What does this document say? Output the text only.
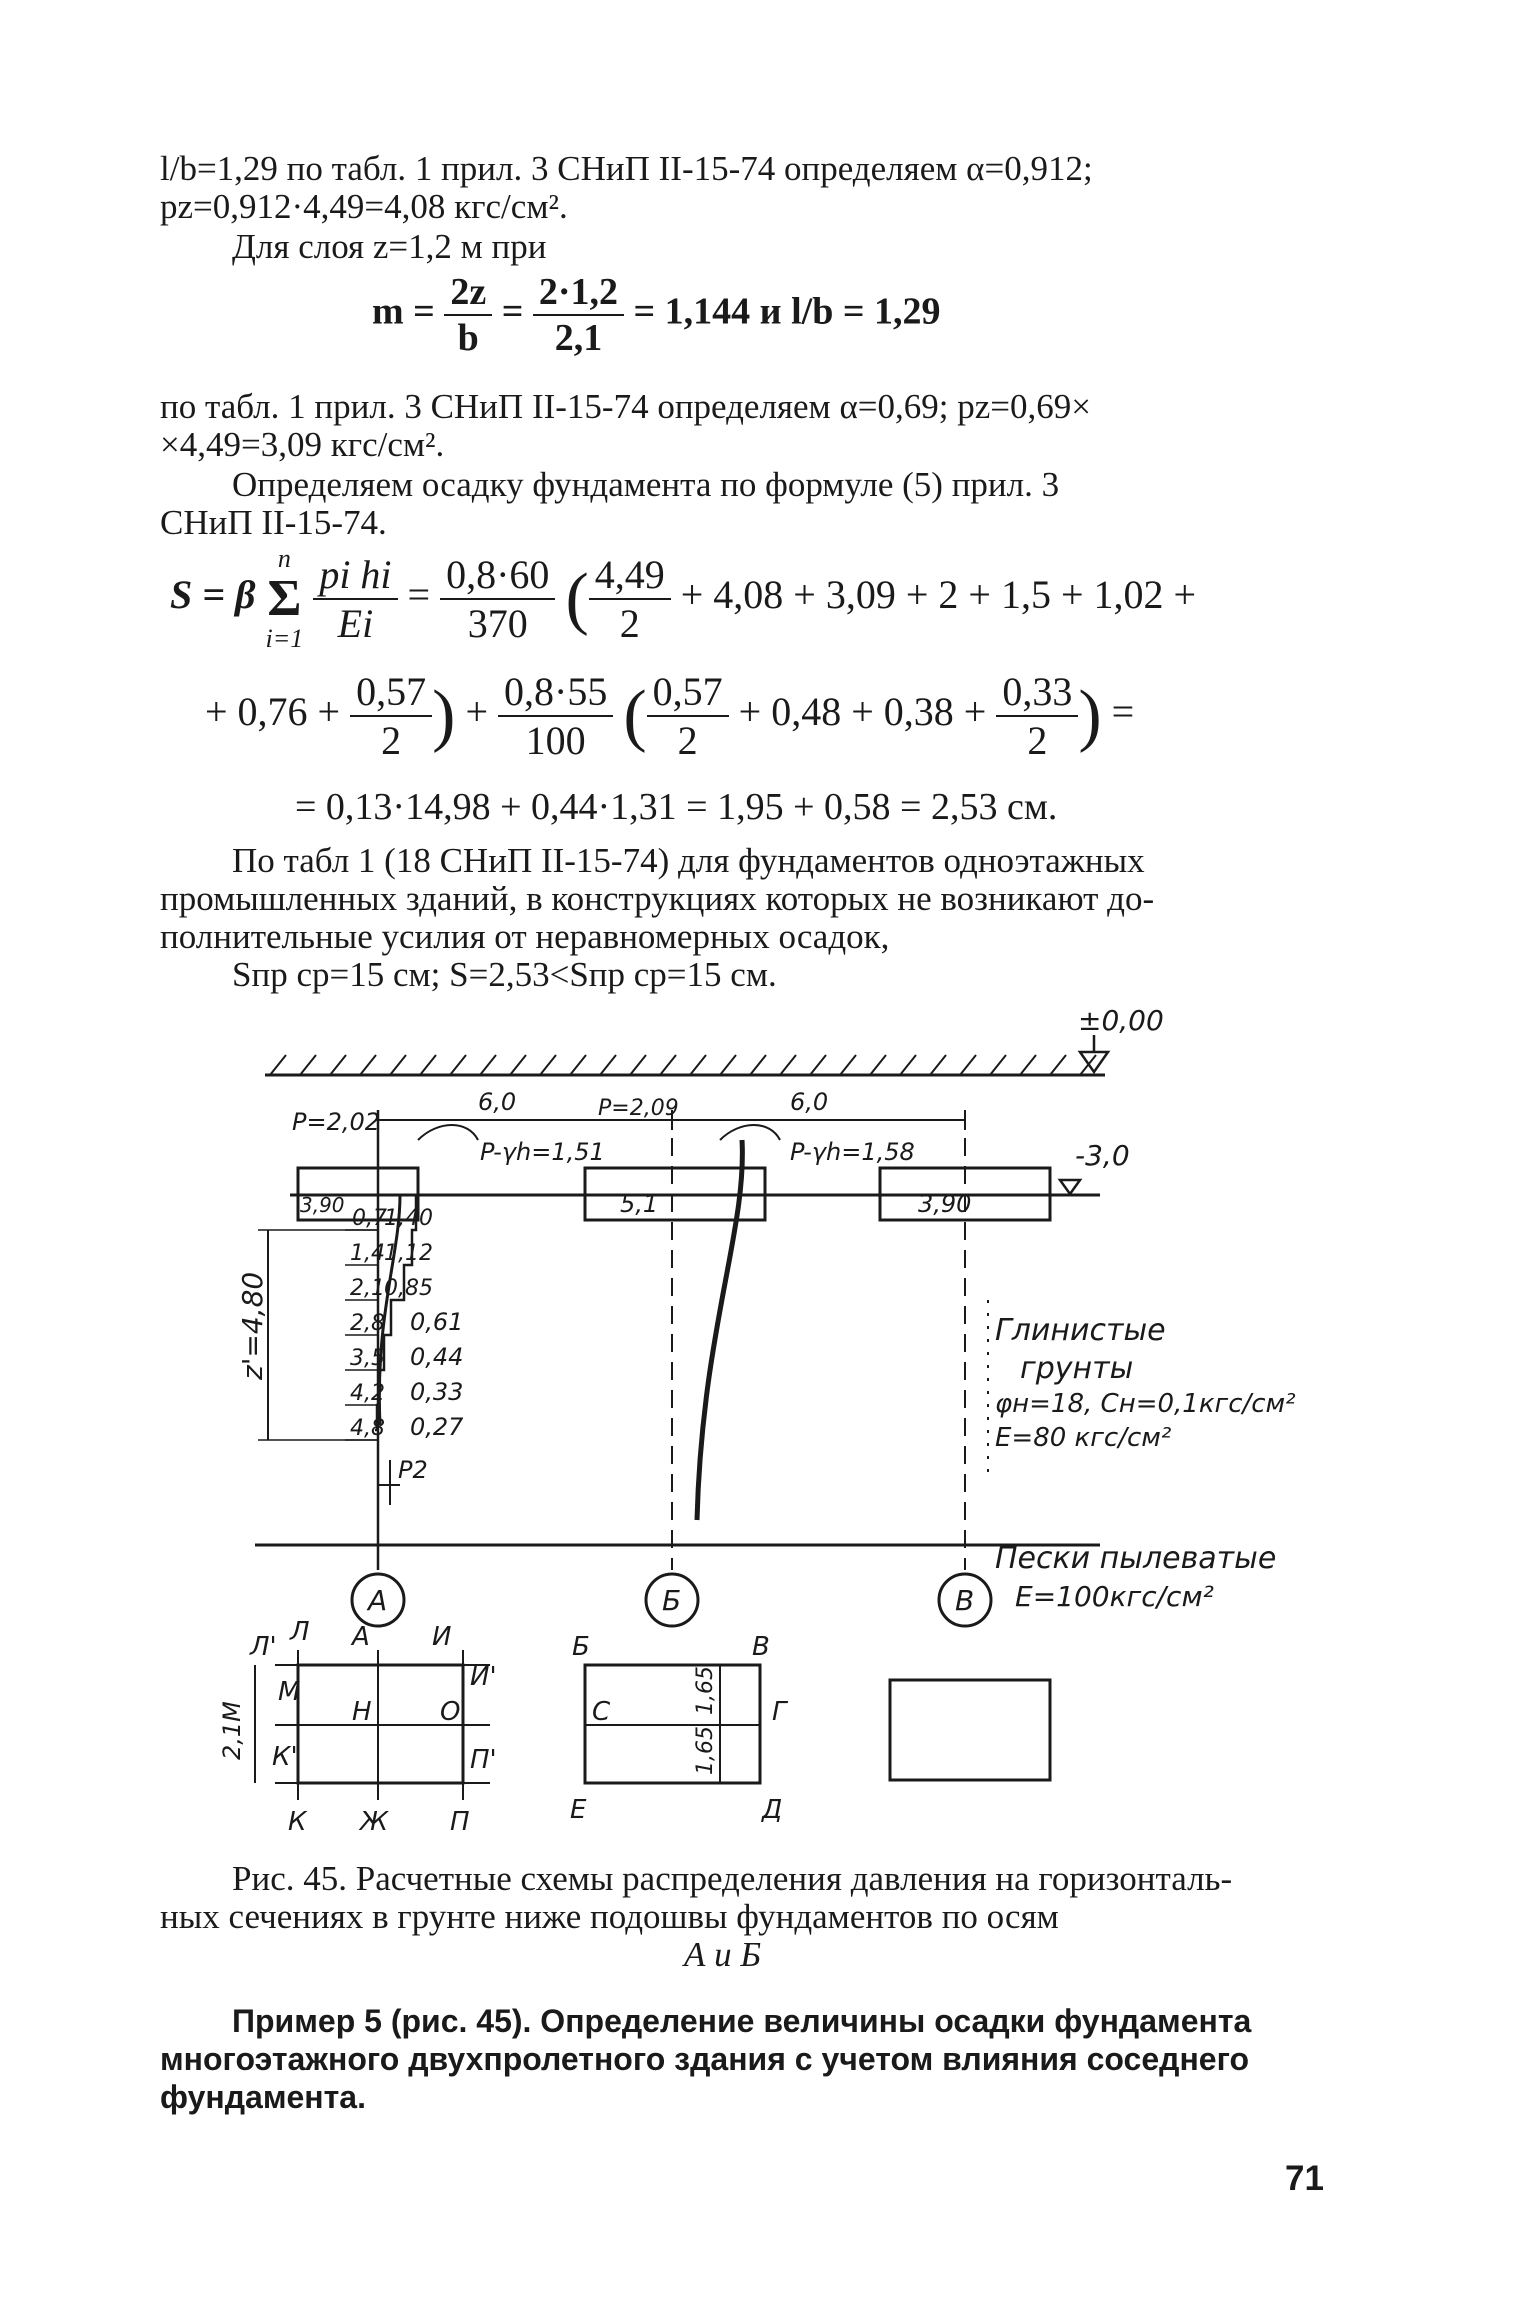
l/b=1,29 по табл. 1 прил. 3 СНиП II-15-74 определяем α=0,912;
pz=0,912·4,49=4,08 кгс/см².
Для слоя z=1,2 м при
$m = \frac{2z}{b} = \frac{2\cdot 1,2}{2,1} = 1,144$ и l/b = 1,29
по табл. 1 прил. 3 СНиП II-15-74 определяем α=0,69; pz=0,69×
×4,49=3,09 кгс/см².
Определяем осадку фундамента по формуле (5) прил. 3
СНиП II-15-74.
S = β
n
Σ
i=1
$\frac{\text{pi hi}}{Ei} = \frac{0,8\cdot 60}{370}$ ( $\frac{4,49}{2} + 4,08 + 3,09 + 2 + 1,5 + 1,02$ +
+ $0,76 + \frac{0,57}{2}$ ) + $\frac{0,8\cdot 55}{100}$ ( $\frac{0,57}{2} + 0,48 + 0,38 + \frac{0,33}{2}$ ) =
= 0,13·14,98 + 0,44·1,31 = 1,95 + 0,58 = 2,53 см.
По табл 1 (18 СНиП II-15-74) для фундаментов одноэтажных
промышленных зданий, в конструкциях которых не возникают до-
полнительные усилия от неравномерных осадок,
Sпр ср=15 см; S=2,53<Sпр ср=15 см.
±0,00
-3,0
P=2,02	P=2,09
6,0	6,0
P-γh=1,51	P-γh=1,58
3,90	5,1	3,90
z'=4,80
0,7
1,4
2,1
2,8
3,5
4,2
4,8
1,40
1,12
0,85
0,61
0,44
0,33
0,27
P2
Глинистые
грунты
φн=18, Cн=0,1кгс/см²
E=80 кгс/см²
Пески пылеватые
E=100кгс/см²
А	Б	В
Л' Л А И
И'
М
Н	О
К'	П'
К Ж П
2,1М
Б	В
С	Г
Е	Д
1,65
1,65
Рис. 45. Расчетные схемы распределения давления на горизонталь-
ных сечениях в грунте ниже подошвы фундаментов по осям
А и Б
Пример 5 (рис. 45). Определение величины осадки фундамента
многоэтажного двухпролетного здания с учетом влияния соседнего
фундамента.
71
